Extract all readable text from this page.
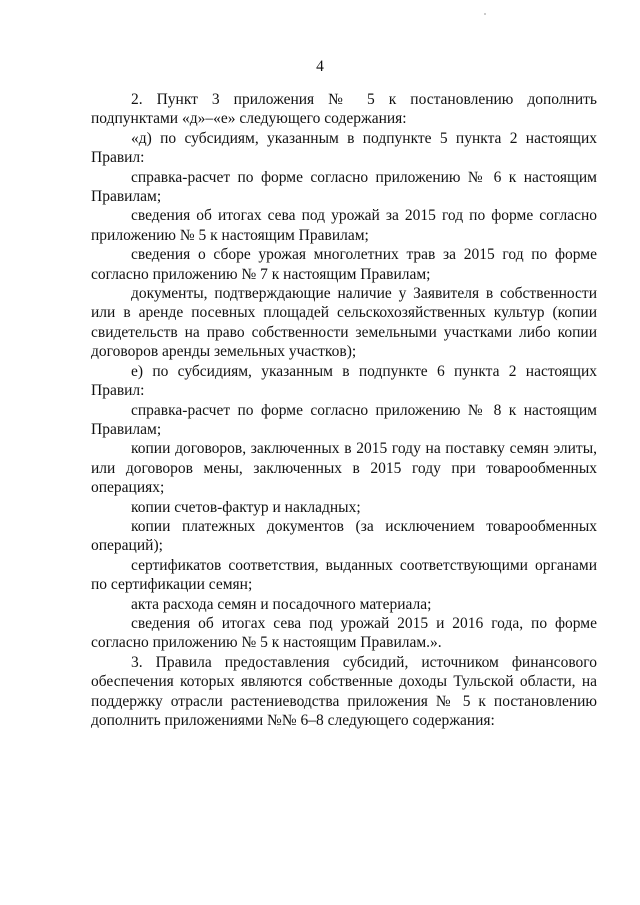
4

2. Пункт 3 приложения № 5 к постановлению дополнить подпунктами «д»–«е» следующего содержания:

«д) по субсидиям, указанным в подпункте 5 пункта 2 настоящих Правил:

справка-расчет по форме согласно приложению № 6 к настоящим Правилам;

сведения об итогах сева под урожай за 2015 год по форме согласно приложению № 5 к настоящим Правилам;

сведения о сборе урожая многолетних трав за 2015 год по форме согласно приложению № 7 к настоящим Правилам;

документы, подтверждающие наличие у Заявителя в собственности или в аренде посевных площадей сельскохозяйственных культур (копии свидетельств на право собственности земельными участками либо копии договоров аренды земельных участков);

е) по субсидиям, указанным в подпункте 6 пункта 2 настоящих Правил:

справка-расчет по форме согласно приложению № 8 к настоящим Правилам;

копии договоров, заключенных в 2015 году на поставку семян элиты, или договоров мены, заключенных в 2015 году при товарообменных операциях;

копии счетов-фактур и накладных;

копии платежных документов (за исключением товарообменных операций);

сертификатов соответствия, выданных соответствующими органами по сертификации семян;

акта расхода семян и посадочного материала;

сведения об итогах сева под урожай 2015 и 2016 года, по форме согласно приложению № 5 к настоящим Правилам.».

3. Правила предоставления субсидий, источником финансового обеспечения которых являются собственные доходы Тульской области, на поддержку отрасли растениеводства приложения № 5 к постановлению дополнить приложениями №№ 6–8 следующего содержания:
